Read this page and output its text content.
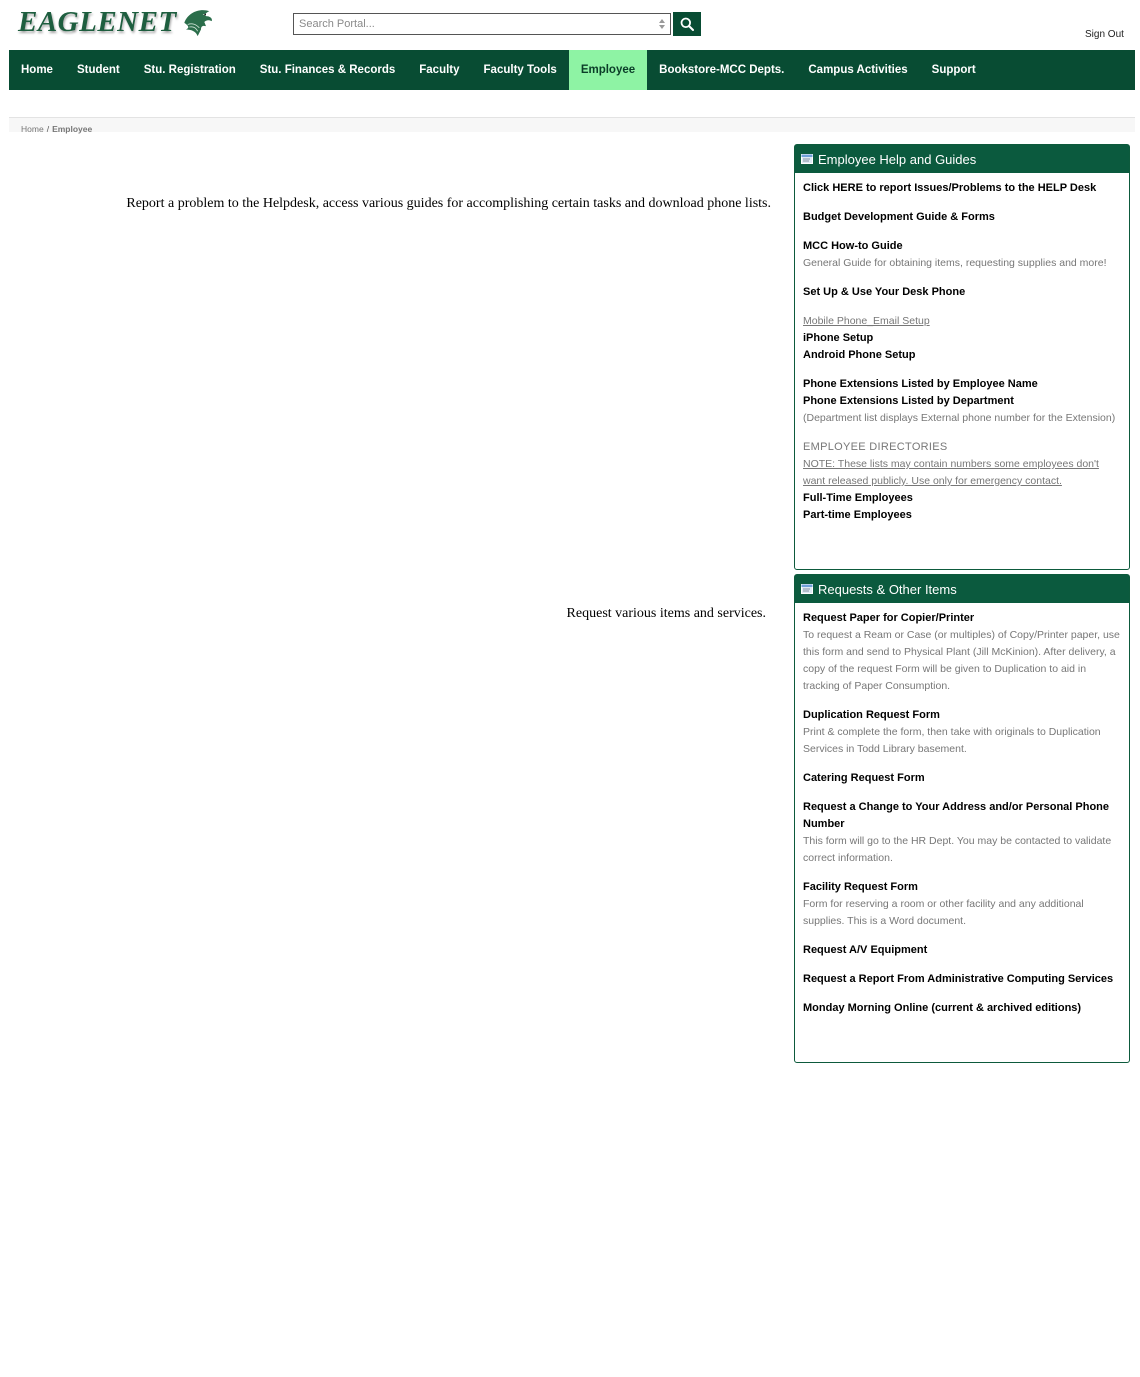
EAGLENET
Search Portal...	Sign Out
Home	Student	Stu. Registration	Stu. Finances & Records	Faculty	Faculty Tools	Employee	Bookstore-MCC Depts.	Campus Activities	Support
Home / Employee
Report a problem to the Helpdesk, access various guides for accomplishing certain tasks and download phone lists.
Request various items and services.
Employee Help and Guides
Click HERE to report Issues/Problems to the HELP Desk
Budget Development Guide & Forms
MCC How-to Guide
General Guide for obtaining items, requesting supplies and more!
Set Up & Use Your Desk Phone
Mobile Phone_Email Setup
iPhone Setup
Android Phone Setup
Phone Extensions Listed by Employee Name
Phone Extensions Listed by Department
(Department list displays External phone number for the Extension)
EMPLOYEE DIRECTORIES
NOTE: These lists may contain numbers some employees don't want released publicly. Use only for emergency contact.
Full-Time Employees
Part-time Employees
Requests & Other Items
Request Paper for Copier/Printer
To request a Ream or Case (or multiples) of Copy/Printer paper, use this form and send to Physical Plant (Jill McKinion). After delivery, a copy of the request Form will be given to Duplication to aid in tracking of Paper Consumption.
Duplication Request Form
Print & complete the form, then take with originals to Duplication Services in Todd Library basement.
Catering Request Form
Request a Change to Your Address and/or Personal Phone Number
This form will go to the HR Dept. You may be contacted to validate correct information.
Facility Request Form
Form for reserving a room or other facility and any additional supplies. This is a Word document.
Request A/V Equipment
Request a Report From Administrative Computing Services
Monday Morning Online (current & archived editions)
